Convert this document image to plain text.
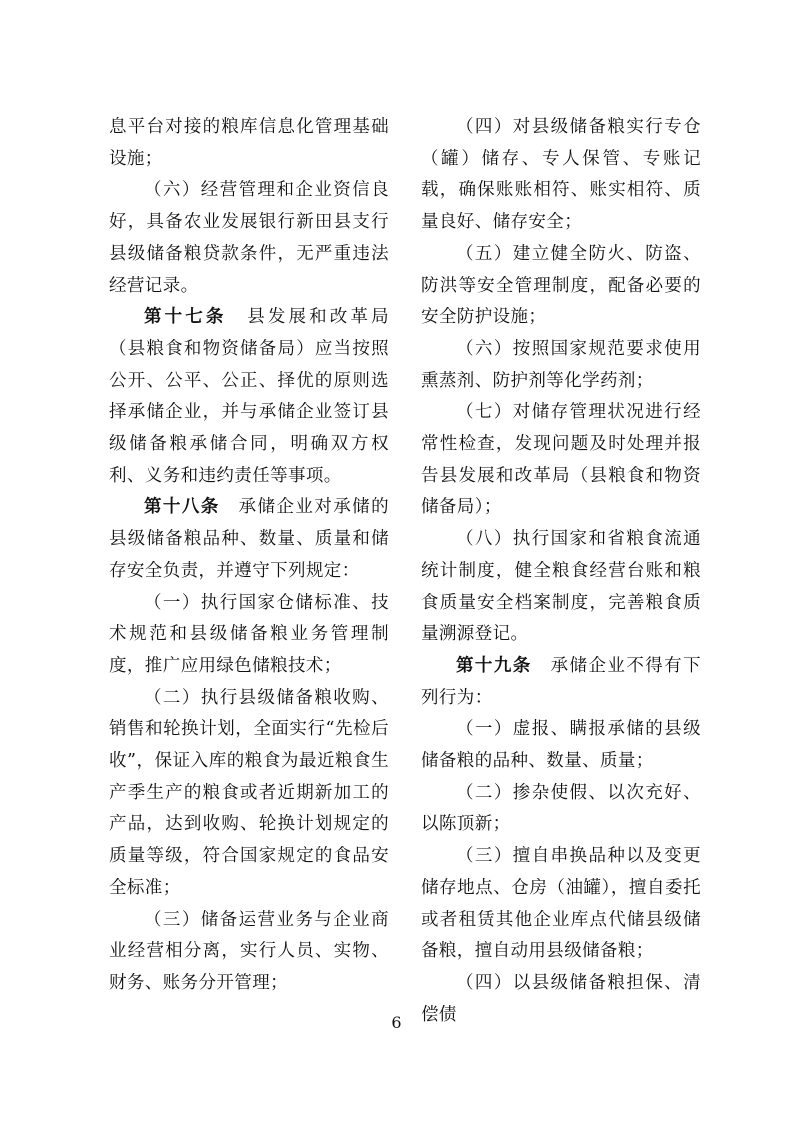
息平台对接的粮库信息化管理基础设施；

（六）经营管理和企业资信良好，具备农业发展银行新田县支行县级储备粮贷款条件，无严重违法经营记录。

第十七条　县发展和改革局（县粮食和物资储备局）应当按照公开、公平、公正、择优的原则选择承储企业，并与承储企业签订县级储备粮承储合同，明确双方权利、义务和违约责任等事项。

第十八条　承储企业对承储的县级储备粮品种、数量、质量和储存安全负责，并遵守下列规定：

（一）执行国家仓储标准、技术规范和县级储备粮业务管理制度，推广应用绿色储粮技术；

（二）执行县级储备粮收购、销售和轮换计划，全面实行“先检后收”，保证入库的粮食为最近粮食生产季生产的粮食或者近期新加工的产品，达到收购、轮换计划规定的质量等级，符合国家规定的食品安全标准；

（三）储备运营业务与企业商业经营相分离，实行人员、实物、财务、账务分开管理；

（四）对县级储备粮实行专仓（罐）储存、专人保管、专账记载，确保账账相符、账实相符、质量良好、储存安全；

（五）建立健全防火、防盗、防洪等安全管理制度，配备必要的安全防护设施；

（六）按照国家规范要求使用熏蒸剂、防护剂等化学药剂；

（七）对储存管理状况进行经常性检查，发现问题及时处理并报告县发展和改革局（县粮食和物资储备局）；

（八）执行国家和省粮食流通统计制度，健全粮食经营台账和粮食质量安全档案制度，完善粮食质量溯源登记。

第十九条　承储企业不得有下列行为：

（一）虚报、瞒报承储的县级储备粮的品种、数量、质量；

（二）掺杂使假、以次充好、以陈顶新；

（三）擅自串换品种以及变更储存地点、仓房（油罐），擅自委托或者租赁其他企业库点代储县级储备粮，擅自动用县级储备粮；

（四）以县级储备粮担保、清偿债

6
